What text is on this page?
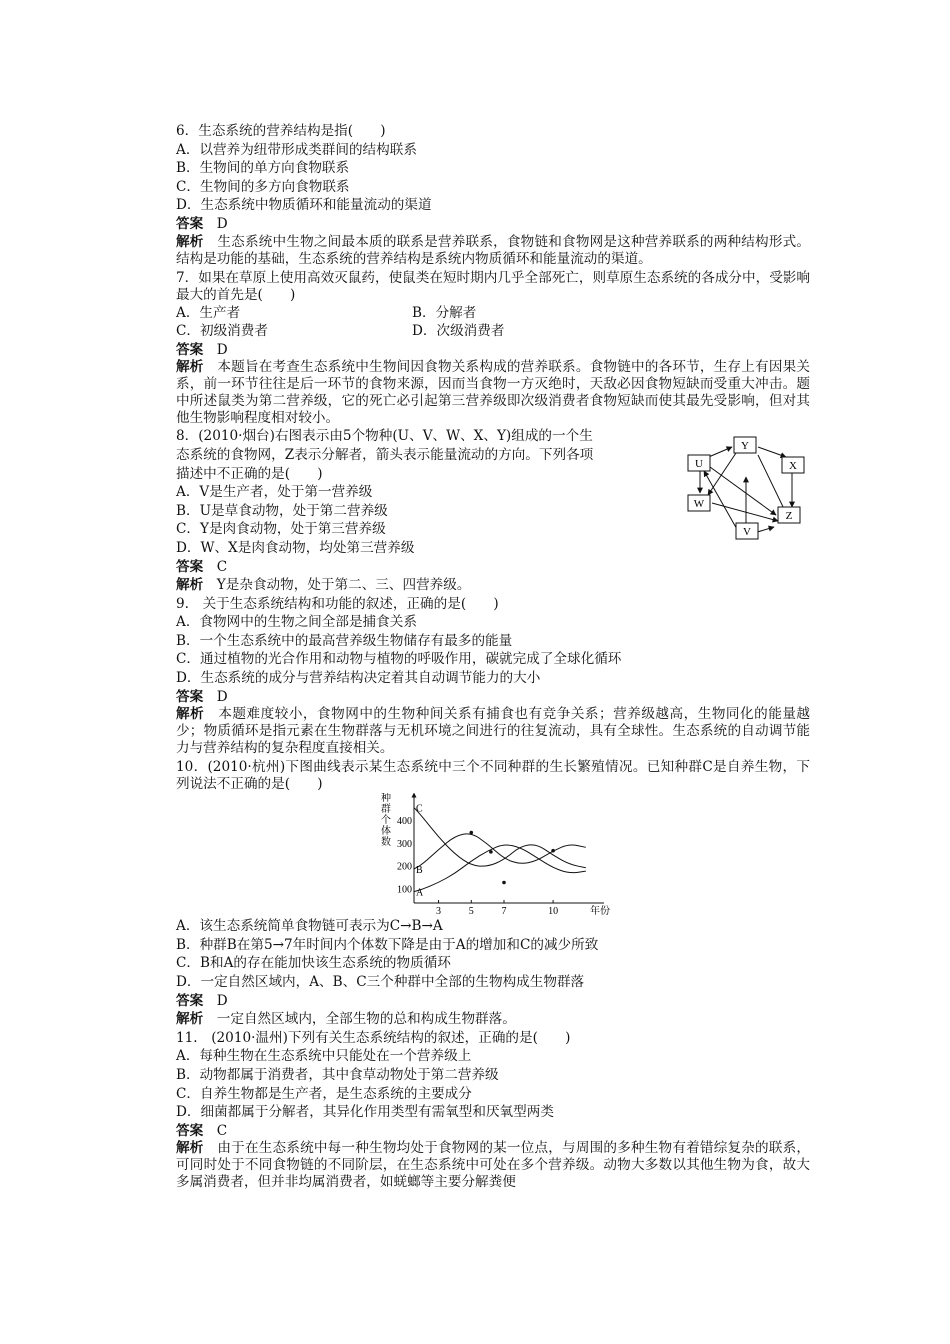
6．生态系统的营养结构是指(　　)
A．以营养为纽带形成类群间的结构联系
B．生物间的单方向食物联系
C．生物间的多方向食物联系
D．生态系统中物质循环和能量流动的渠道
答案　 D
解析　 生态系统中生物之间最本质的联系是营养联系，食物链和食物网是这种营养联系的两种结构形式。结构是功能的基础，生态系统的营养结构是系统内物质循环和能量流动的渠道。
7．如果在草原上使用高效灭鼠药，使鼠类在短时期内几乎全部死亡，则草原生态系统的各成分中，受影响最大的首先是(　　)
A．生产者	B．分解者
C．初级消费者	D．次级消费者
答案　 D
解析　 本题旨在考查生态系统中生物间因食物关系构成的营养联系。食物链中的各环节，生存上有因果关系，前一环节往往是后一环节的食物来源，因而当食物一方灭绝时，天敌必因食物短缺而受重大冲击。题中所述鼠类为第二营养级，它的死亡必引起第三营养级即次级消费者食物短缺而使其最先受影响，但对其他生物影响程度相对较小。
Y
U	X
W
Z
V
8．(2010·烟台)右图表示由5个物种(U、V、W、X、Y)组成的一个生
态系统的食物网，Z表示分解者，箭头表示能量流动的方向。下列各项
描述中不正确的是(　　)
A．V是生产者，处于第一营养级
B．U是草食动物，处于第二营养级
C．Y是肉食动物，处于第三营养级
D．W、X是肉食动物，均处第三营养级
答案　 C
解析　 Y是杂食动物，处于第二、三、四营养级。
9.　关于生态系统结构和功能的叙述，正确的是(　　)
A．食物网中的生物之间全部是捕食关系
B．一个生态系统中的最高营养级生物储存有最多的能量
C．通过植物的光合作用和动物与植物的呼吸作用，碳就完成了全球化循环
D．生态系统的成分与营养结构决定着其自动调节能力的大小
答案　 D
解析　 本题难度较小，食物网中的生物种间关系有捕食也有竞争关系；营养级越高，生物同化的能量越少；物质循环是指元素在生物群落与无机环境之间进行的往复流动，具有全球性。生态系统的自动调节能力与营养结构的复杂程度直接相关。
10．(2010·杭州)下图曲线表示某生态系统中三个不同种群的生长繁殖情况。已知种群C是自养生物，下列说法不正确的是(　　)
3	5	7	10
100
200
300
400
年份
种
群
个
体
数
C
B
A
A．该生态系统简单食物链可表示为C→B→A
B．种群B在第5→7年时间内个体数下降是由于A的增加和C的减少所致
C．B和A的存在能加快该生态系统的物质循环
D．一定自然区域内，A、B、C三个种群中全部的生物构成生物群落
答案　 D
解析　 一定自然区域内，全部生物的总和构成生物群落。
11.　(2010·温州)下列有关生态系统结构的叙述，正确的是(　　)
A．每种生物在生态系统中只能处在一个营养级上
B．动物都属于消费者，其中食草动物处于第二营养级
C．自养生物都是生产者，是生态系统的主要成分
D．细菌都属于分解者，其异化作用类型有需氧型和厌氧型两类
答案　 C
解析　 由于在生态系统中每一种生物均处于食物网的某一位点，与周围的多种生物有着错综复杂的联系，可同时处于不同食物链的不同阶层，在生态系统中可处在多个营养级。动物大多数以其他生物为食，故大多属消费者，但并非均属消费者，如蜣螂等主要分解粪便
